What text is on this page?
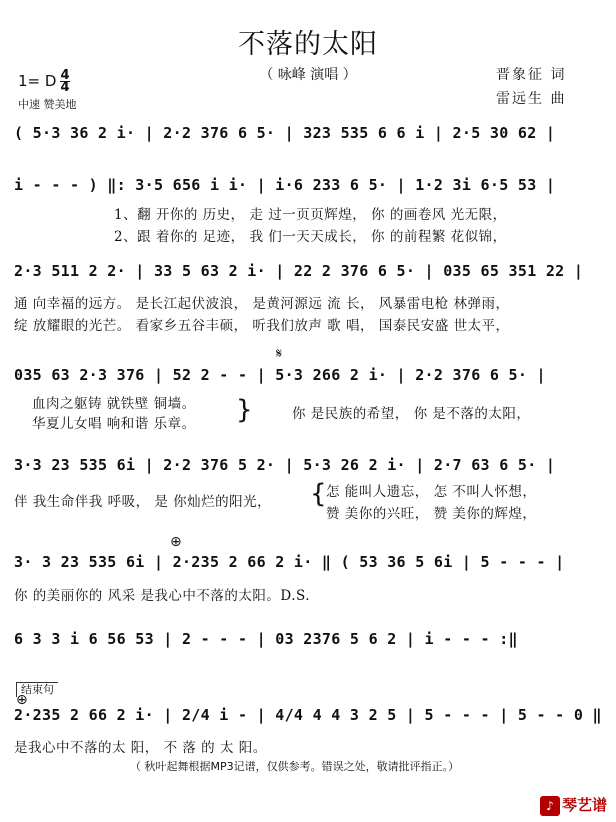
不落的太阳
（ 咏峰 演唱 ）	晋象征 词
雷远生 曲
1= D 4
4
中速 赞美地
( 5·3 36 2 i· | 2·2 376 6 5· | 323 535 6 6 i | 2·5 30 62 |
i - - - ) ‖: 3·5 656 i i· | i·6 233 6 5· | 1·2 3i 6·5 53 |
1、翻 开你的 历史， 走 过一页页辉煌， 你 的画卷风 光无限，
2、跟 着你的 足迹， 我 们一天天成长， 你 的前程繁 花似锦，
2·3 511 2 2· | 33 5 63 2 i· | 22 2 376 6 5· | 035 65 351 22 |
通 向幸福的远方。 是长江起伏波浪， 是黄河源远 流 长， 风暴雷电枪 林弹雨，
绽 放耀眼的光芒。 看家乡五谷丰硕， 听我们放声 歌 唱， 国泰民安盛 世太平，
𝄋
035 63 2·3 376 | 52 2 - - | 5·3 266 2 i· | 2·2 376 6 5· |
血肉之躯铸 就铁壁 铜墙。
华夏儿女唱 响和谐 乐章。 }	你 是民族的希望， 你 是不落的太阳，
3·3 23 535 6i | 2·2 376 5 2· | 5·3 26 2 i· | 2·7 63 6 5· |
伴 我生命伴我 呼吸， 是 你灿烂的阳光， { 怎 能叫人遗忘， 怎 不叫人怀想，
赞 美你的兴旺， 赞 美你的辉煌，
⊕
3· 3 23 535 6i | 2·235 2 66 2 i· ‖ ( 53 36 5 6i | 5 - - - |
你 的美丽你的 风采 是我心中不落的太阳。D.S.
6 3 3 i 6 56 53 | 2 - - - | 03 2376 5 6 2 | i - - - :‖
结束句
⊕
2·235 2 66 2 i· | 2/4 i - | 4/4 4 4 3 2 5 | 5 - - - | 5 - - 0 ‖
是我心中不落的太 阳， 不 落 的 太 阳。
（ 秋叶起舞根据MP3记谱，仅供参考。错误之处，敬请批评指正。）
♪ 琴艺谱
